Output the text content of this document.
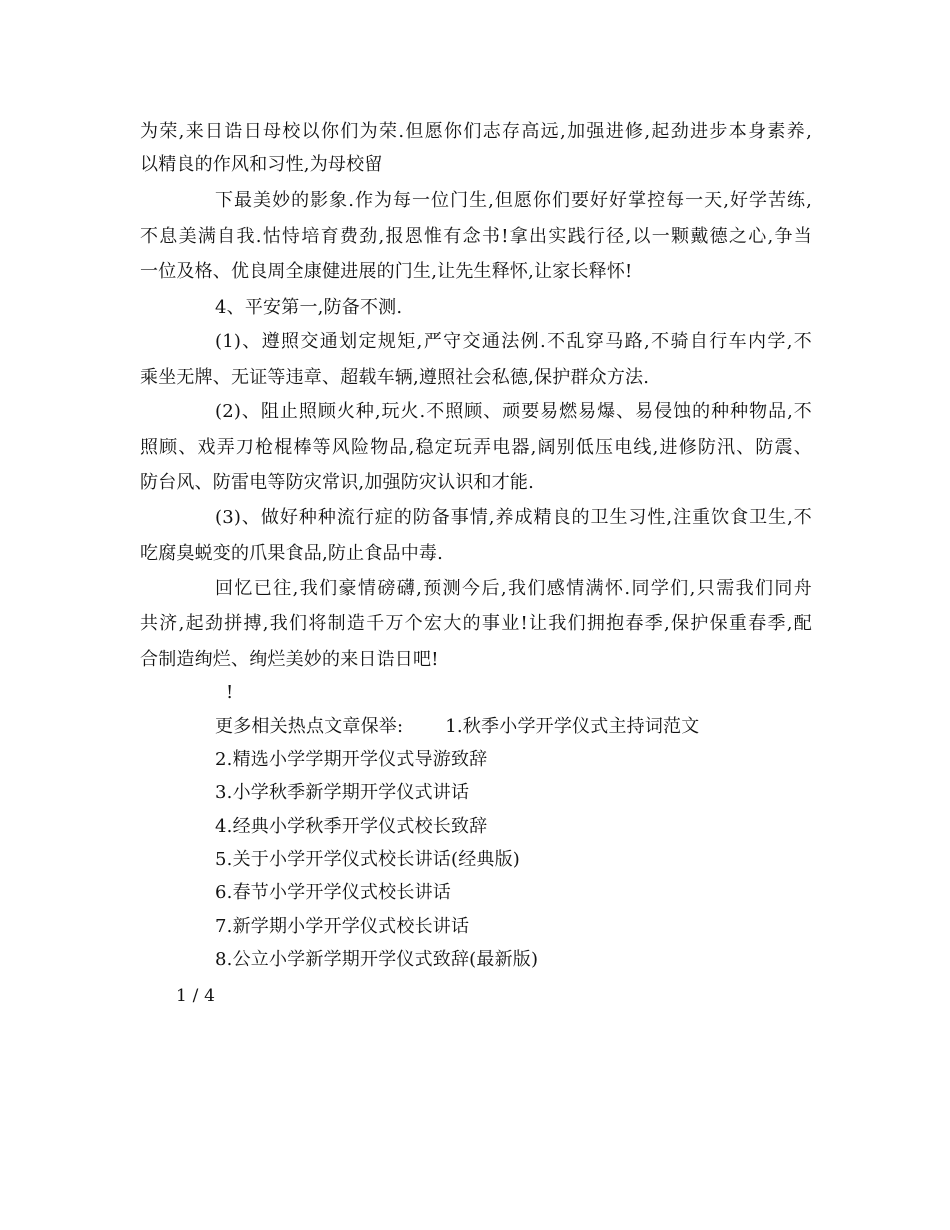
为荣,来日诰日母校以你们为荣.但愿你们志存高远,加强进修,起劲进步本身素养,
以精良的作风和习性,为母校留
下最美妙的影象.作为每一位门生,但愿你们要好好掌控每一天,好学苦练,
不息美满自我.怙恃培育费劲,报恩惟有念书!拿出实践行径,以一颗戴德之心,争当
一位及格、优良周全康健进展的门生,让先生释怀,让家长释怀!
4、平安第一,防备不测.
(1)、遵照交通划定规矩,严守交通法例.不乱穿马路,不骑自行车内学,不
乘坐无牌、无证等违章、超载车辆,遵照社会私德,保护群众方法.
(2)、阻止照顾火种,玩火.不照顾、顽要易燃易爆、易侵蚀的种种物品,不
照顾、戏弄刀枪棍棒等风险物品,稳定玩弄电器,阔别低压电线,进修防汛、防震、
防台风、防雷电等防灾常识,加强防灾认识和才能.
(3)、做好种种流行症的防备事情,养成精良的卫生习性,注重饮食卫生,不
吃腐臭蜕变的爪果食品,防止食品中毒.
回忆已往,我们豪情磅礴,预测今后,我们感情满怀.同学们,只需我们同舟
共济,起劲拼搏,我们将制造千万个宏大的事业!让我们拥抱春季,保护保重春季,配
合制造绚烂、绚烂美妙的来日诰日吧!
!
更多相关热点文章保举: 1.秋季小学开学仪式主持词范文
2.精选小学学期开学仪式导游致辞
3.小学秋季新学期开学仪式讲话
4.经典小学秋季开学仪式校长致辞
5.关于小学开学仪式校长讲话(经典版)
6.春节小学开学仪式校长讲话
7.新学期小学开学仪式校长讲话
8.公立小学新学期开学仪式致辞(最新版)
1 / 4
